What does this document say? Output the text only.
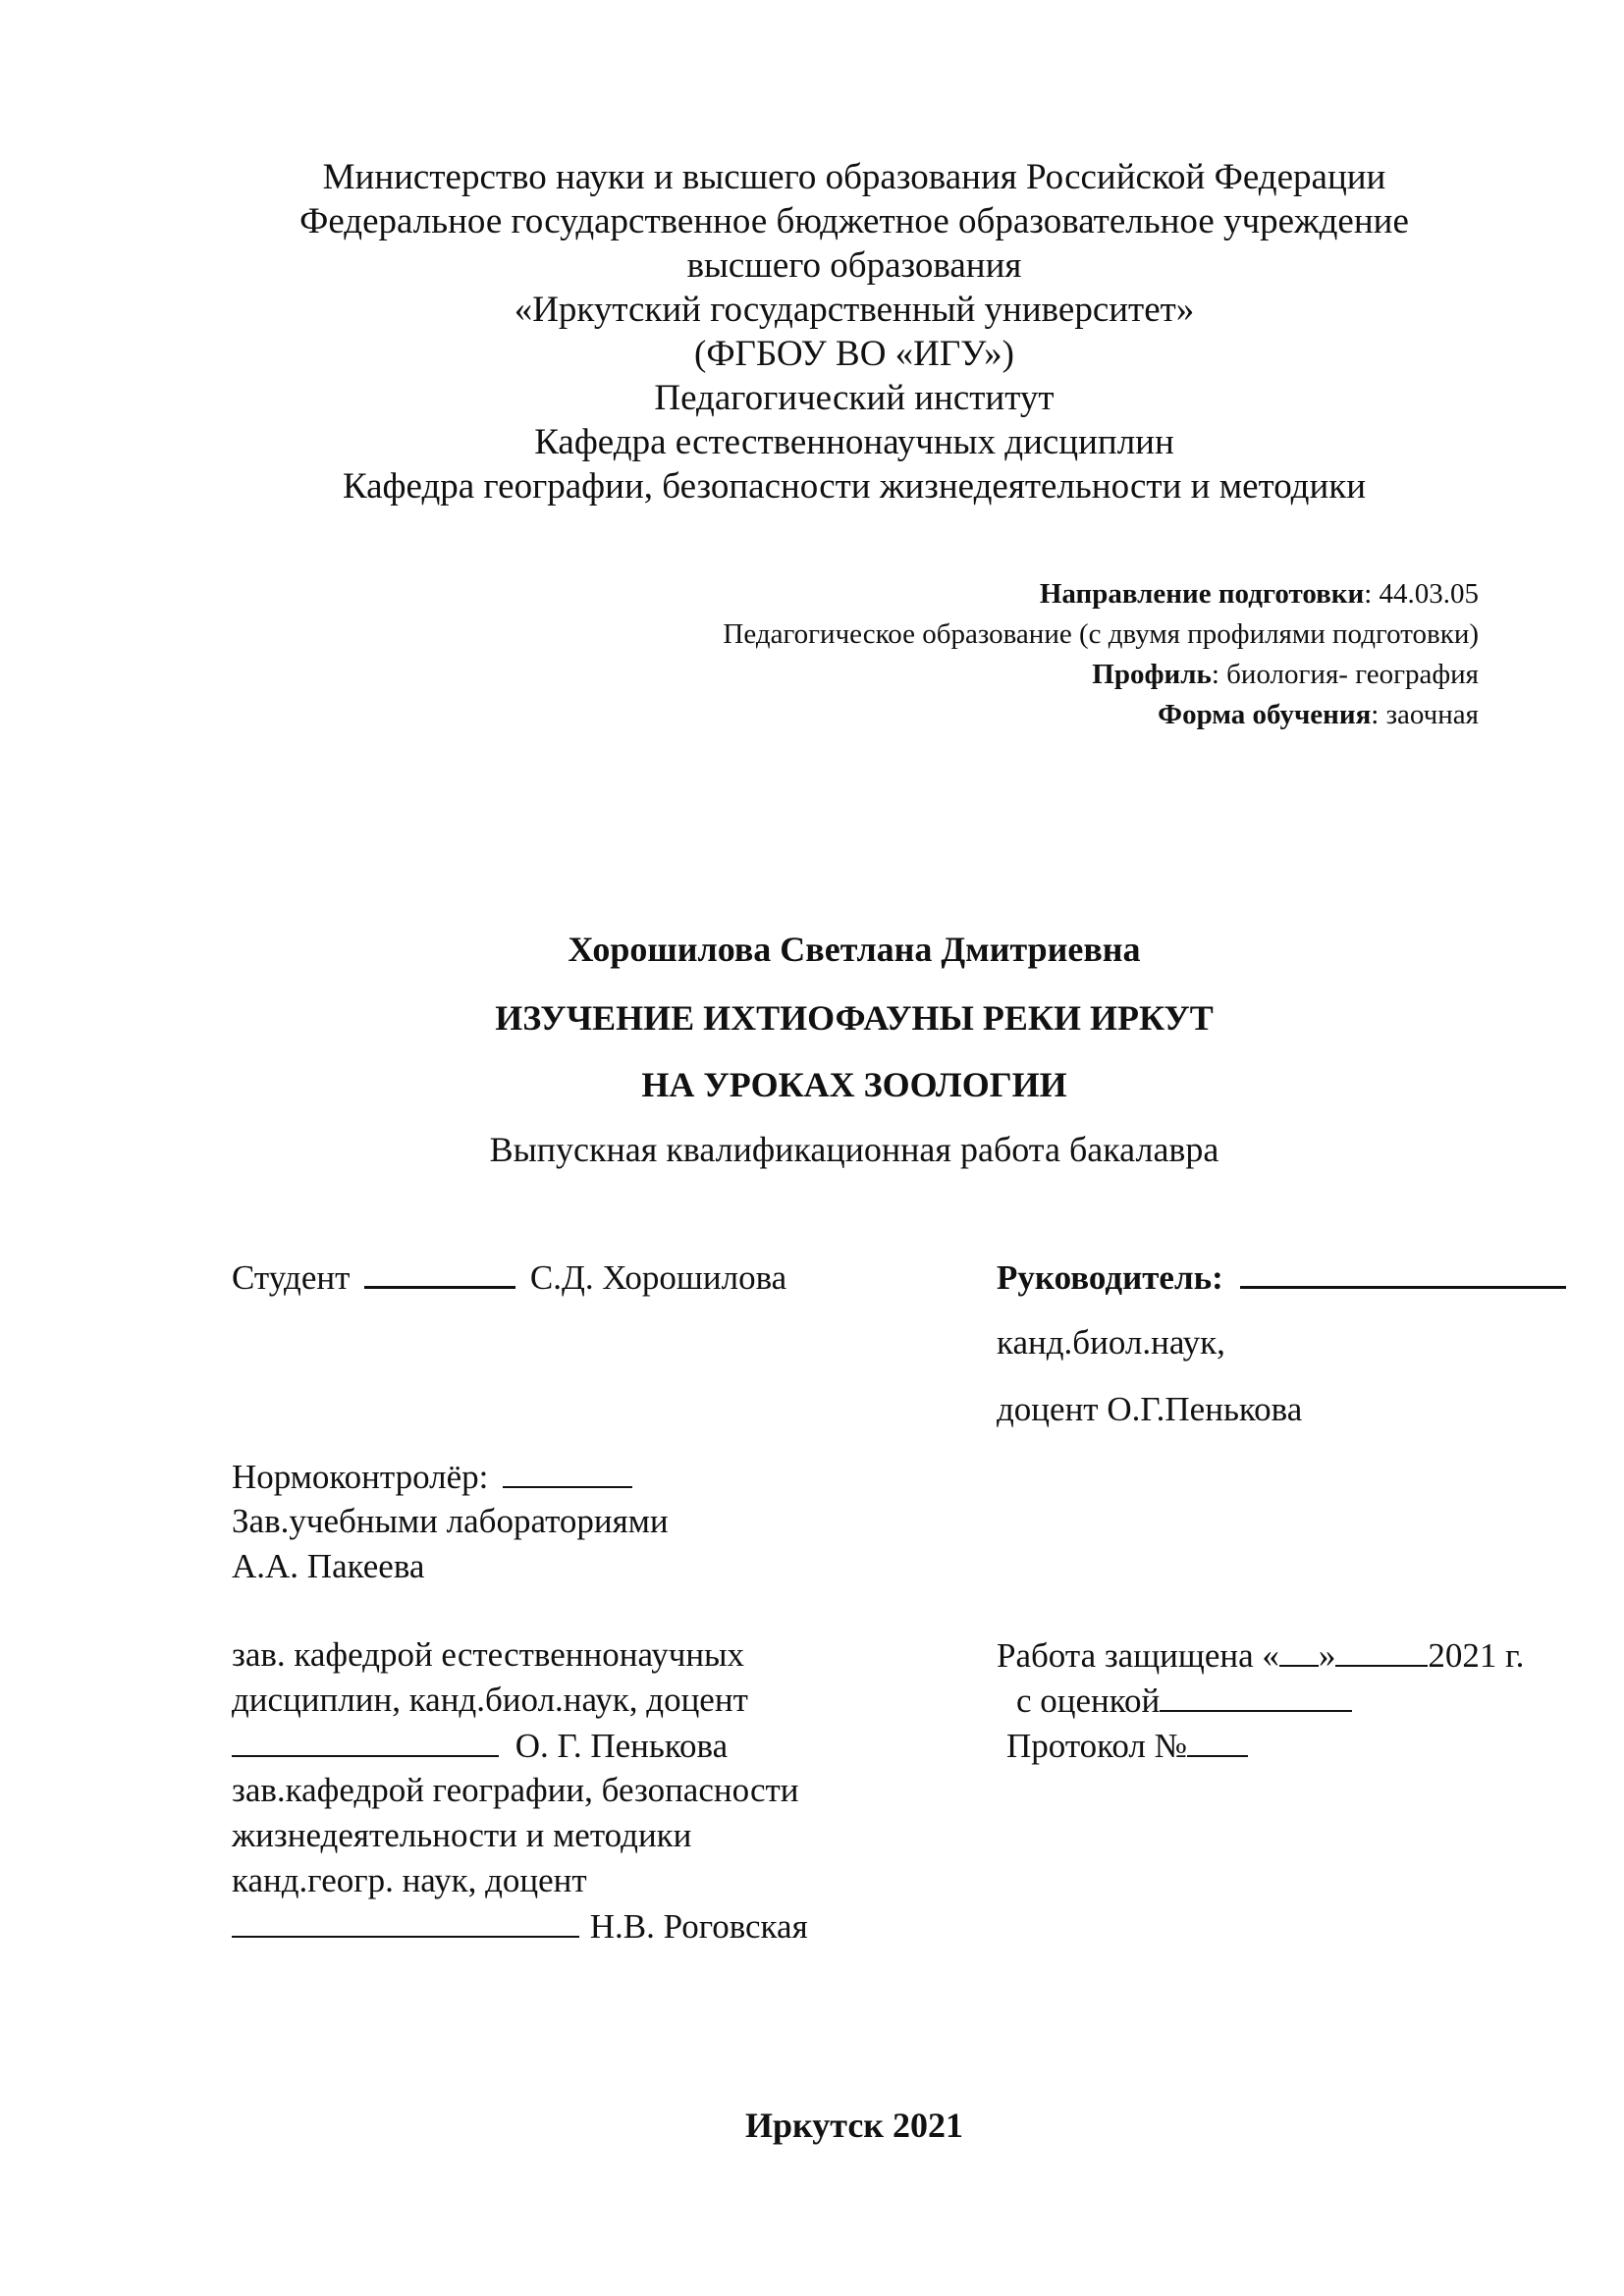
Министерство науки и высшего образования Российской Федерации
Федеральное государственное бюджетное образовательное учреждение
высшего образования
«Иркутский государственный университет»
(ФГБОУ ВО «ИГУ»)
Педагогический институт
Кафедра естественнонаучных дисциплин
Кафедра географии, безопасности жизнедеятельности и методики
Направление подготовки: 44.03.05
Педагогическое образование (с двумя профилями подготовки)
Профиль: биология- география
Форма обучения: заочная
Хорошилова Светлана Дмитриевна
ИЗУЧЕНИЕ ИХТИОФАУНЫ РЕКИ ИРКУТ
НА УРОКАХ ЗООЛОГИИ
Выпускная квалификационная работа бакалавра
Студент	С.Д. Хорошилова	Руководитель:
канд.биол.наук,
доцент О.Г.Пенькова
Нормоконтролёр:
Зав.учебными лабораториями
А.А. Пакеева
зав. кафедрой естественнонаучных
дисциплин, канд.биол.наук, доцент
О. Г. Пенькова
зав.кафедрой географии, безопасности
жизнедеятельности и методики
канд.геогр. наук, доцент
Н.В. Роговская
Работа защищена « »	2021 г.
с оценкой
Протокол №
Иркутск 2021
